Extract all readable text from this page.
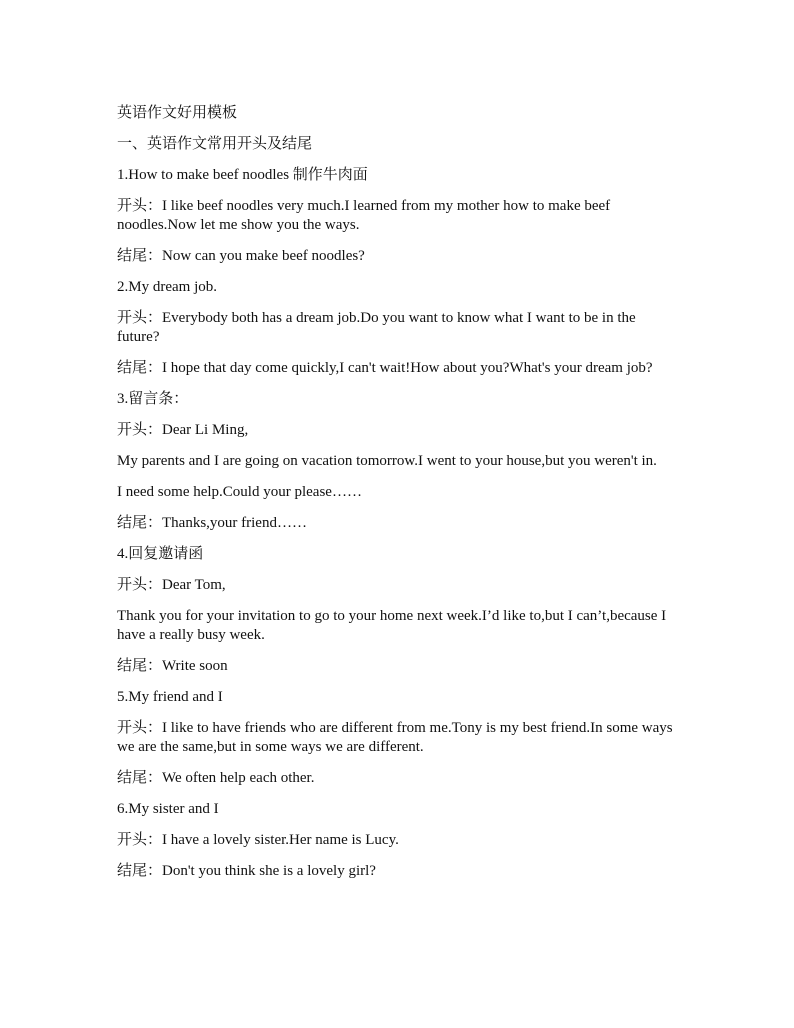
英语作文好用模板

一、英语作文常用开头及结尾

1.How to make beef noodles 制作牛肉面

开头：I like beef noodles very much.I learned from my mother how to make beef noodles.Now let me show you the ways.

结尾：Now can you make beef noodles?

2.My dream job.

开头：Everybody both has a dream job.Do you want to know what I want to be in the future?

结尾：I hope that day come quickly,I can't wait!How about you?What's your dream job?

3.留言条：

开头：Dear Li Ming,

My parents and I are going on vacation tomorrow.I went to your house,but you weren't in.

I need some help.Could your please……

结尾：Thanks,your friend……

4.回复邀请函

开头：Dear Tom,

Thank you for your invitation to go to your home next week.I’d like to,but I can’t,because I have a really busy week.

结尾：Write soon

5.My friend and I

开头：I like to have friends who are different from me.Tony is my best friend.In some ways we are the same,but in some ways we are different.

结尾：We often help each other.

6.My sister and I

开头：I have a lovely sister.Her name is Lucy.

结尾：Don't you think she is a lovely girl?
